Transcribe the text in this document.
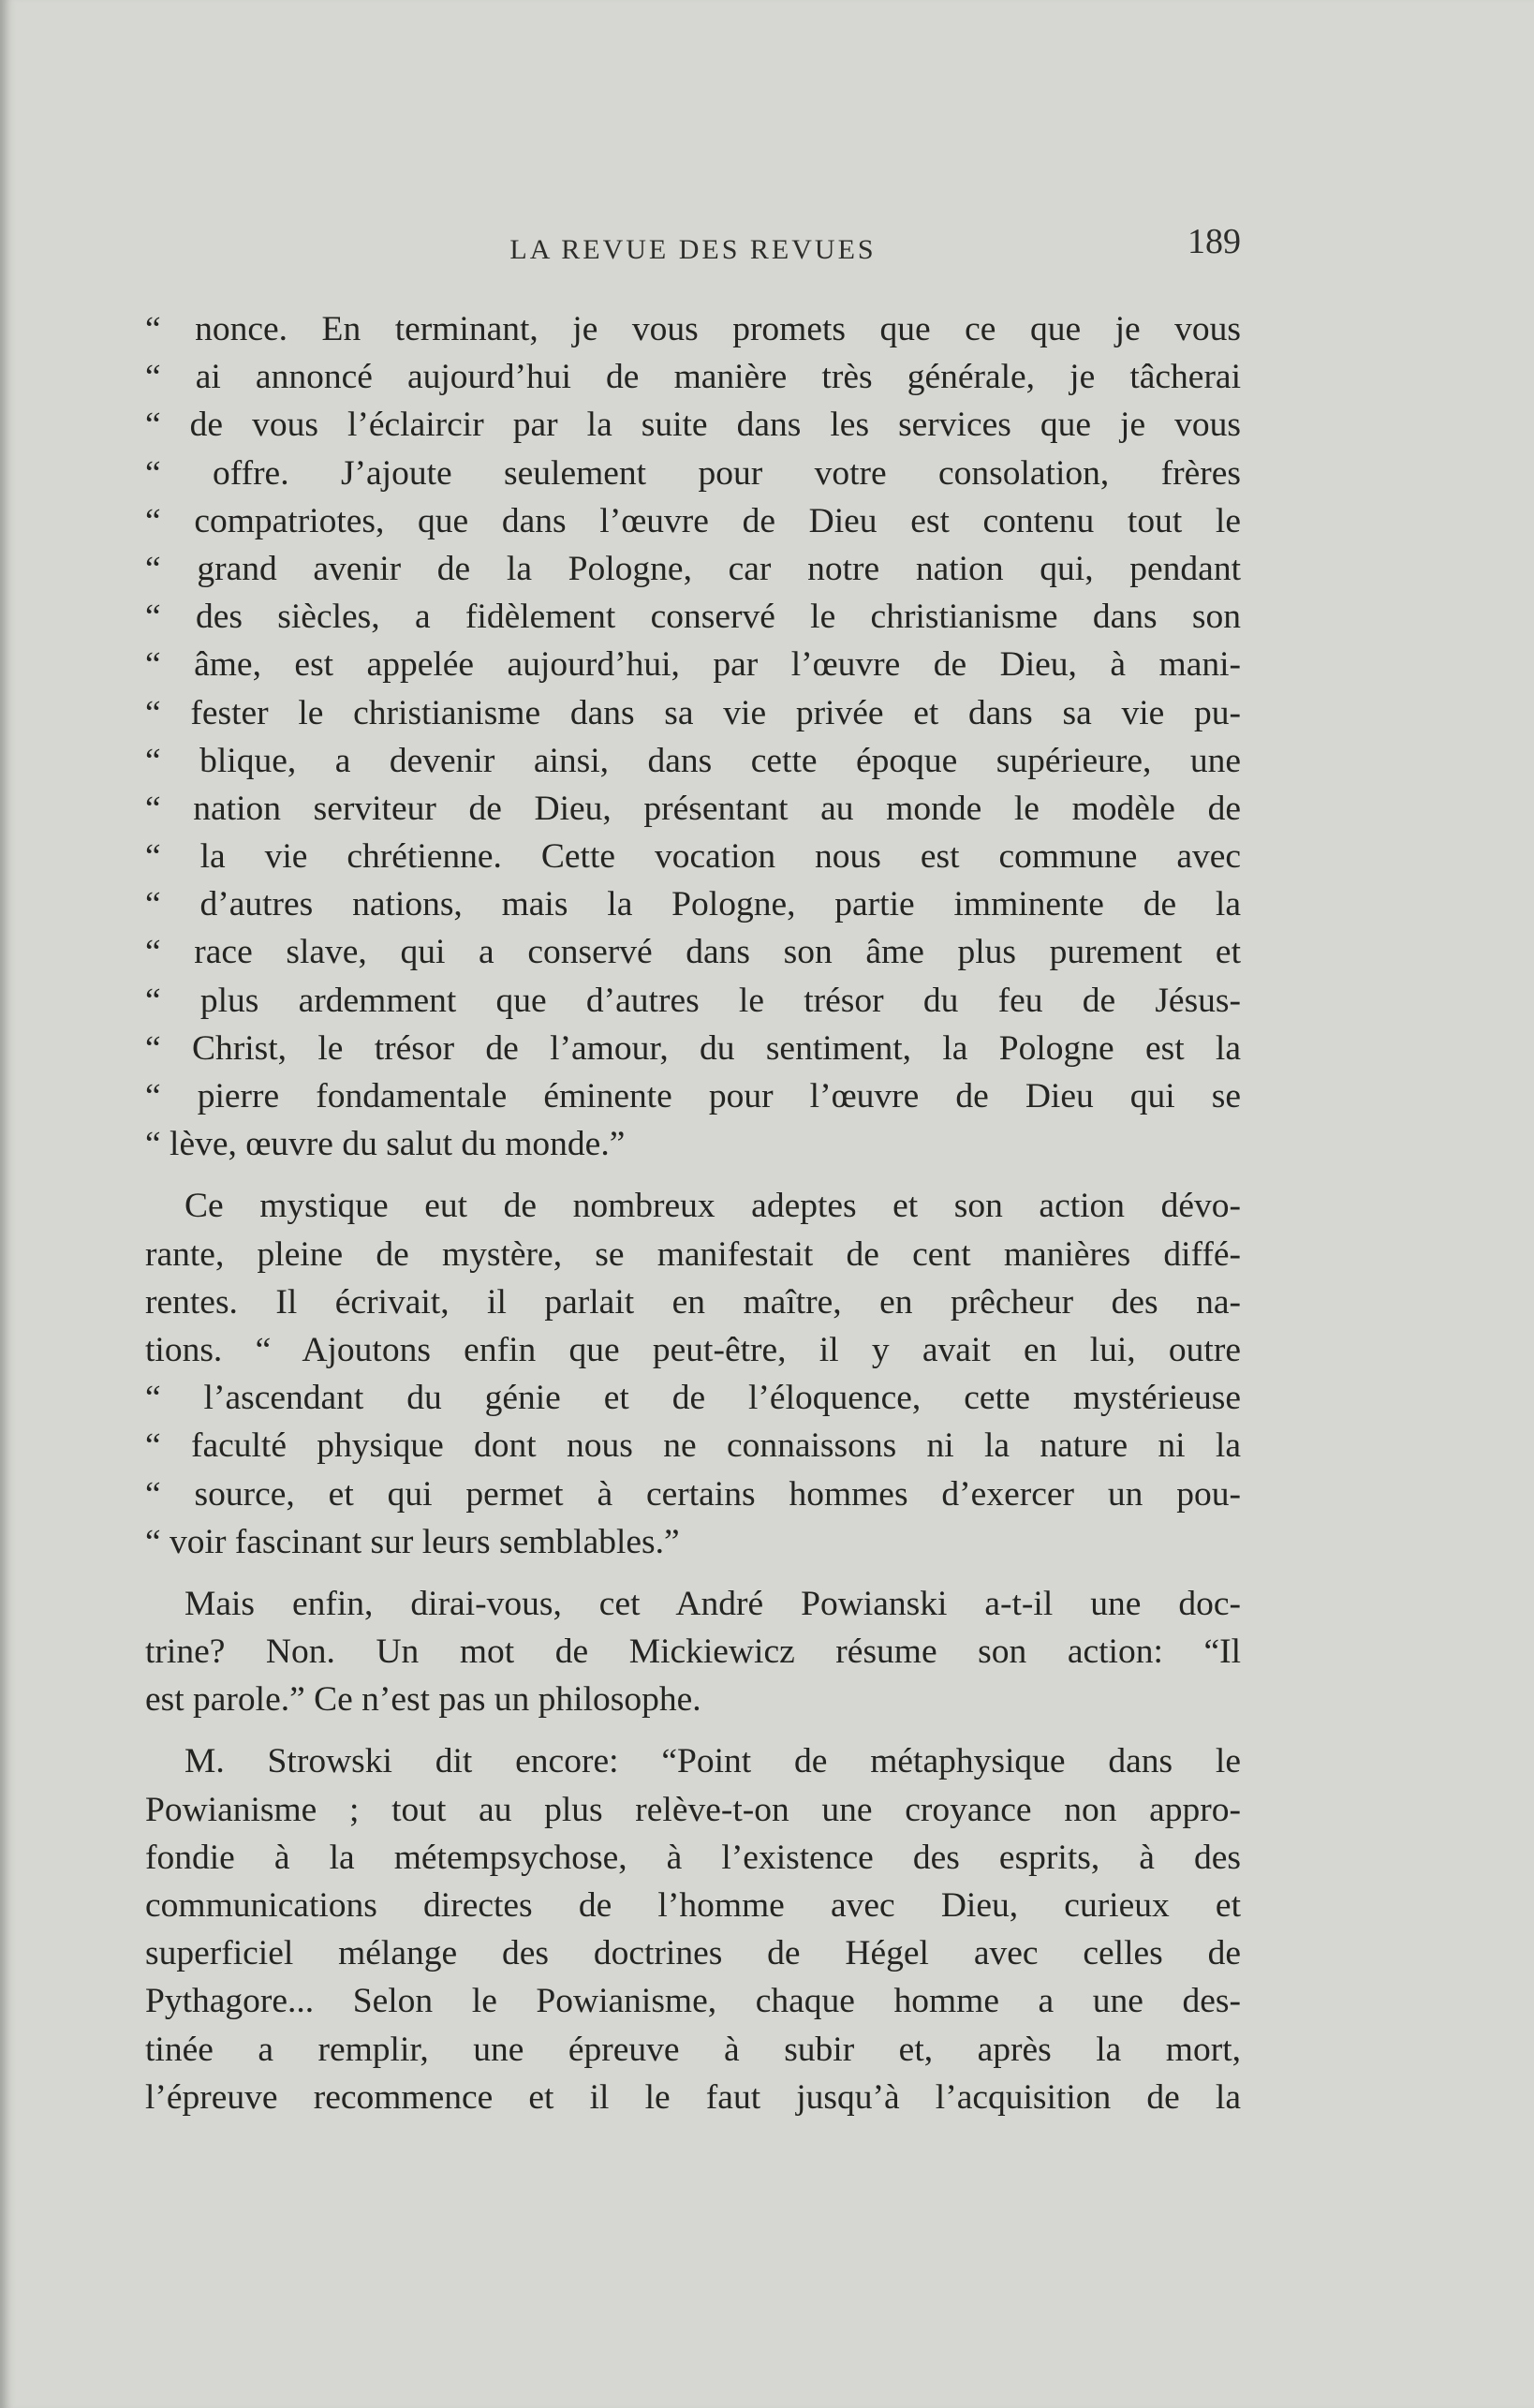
LA REVUE DES REVUES	189
“ nonce. En terminant, je vous promets que ce que je vous
“ ai annoncé aujourd’hui de manière très générale, je tâcherai
“ de vous l’éclaircir par la suite dans les services que je vous
“ offre. J’ajoute seulement pour votre consolation, frères
“ compatriotes, que dans l’œuvre de Dieu est contenu tout le
“ grand avenir de la Pologne, car notre nation qui, pendant
“ des siècles, a fidèlement conservé le christianisme dans son
“ âme, est appelée aujourd’hui, par l’œuvre de Dieu, à mani-
“ fester le christianisme dans sa vie privée et dans sa vie pu-
“ blique, a devenir ainsi, dans cette époque supérieure, une
“ nation serviteur de Dieu, présentant au monde le modèle de
“ la vie chrétienne. Cette vocation nous est commune avec
“ d’autres nations, mais la Pologne, partie imminente de la
“ race slave, qui a conservé dans son âme plus purement et
“ plus ardemment que d’autres le trésor du feu de Jésus-
“ Christ, le trésor de l’amour, du sentiment, la Pologne est la
“ pierre fondamentale éminente pour l’œuvre de Dieu qui se
“ lève, œuvre du salut du monde.”
Ce mystique eut de nombreux adeptes et son action dévo-
rante, pleine de mystère, se manifestait de cent manières diffé-
rentes. Il écrivait, il parlait en maître, en prêcheur des na-
tions. “ Ajoutons enfin que peut-être, il y avait en lui, outre
“ l’ascendant du génie et de l’éloquence, cette mystérieuse
“ faculté physique dont nous ne connaissons ni la nature ni la
“ source, et qui permet à certains hommes d’exercer un pou-
“ voir fascinant sur leurs semblables.”
Mais enfin, dirai-vous, cet André Powianski a-t-il une doc-
trine? Non. Un mot de Mickiewicz résume son action: “Il
est parole.” Ce n’est pas un philosophe.
M. Strowski dit encore: “Point de métaphysique dans le
Powianisme ; tout au plus relève-t-on une croyance non appro-
fondie à la métempsychose, à l’existence des esprits, à des
communications directes de l’homme avec Dieu, curieux et
superficiel mélange des doctrines de Hégel avec celles de
Pythagore... Selon le Powianisme, chaque homme a une des-
tinée a remplir, une épreuve à subir et, après la mort,
l’épreuve recommence et il le faut jusqu’à l’acquisition de la
